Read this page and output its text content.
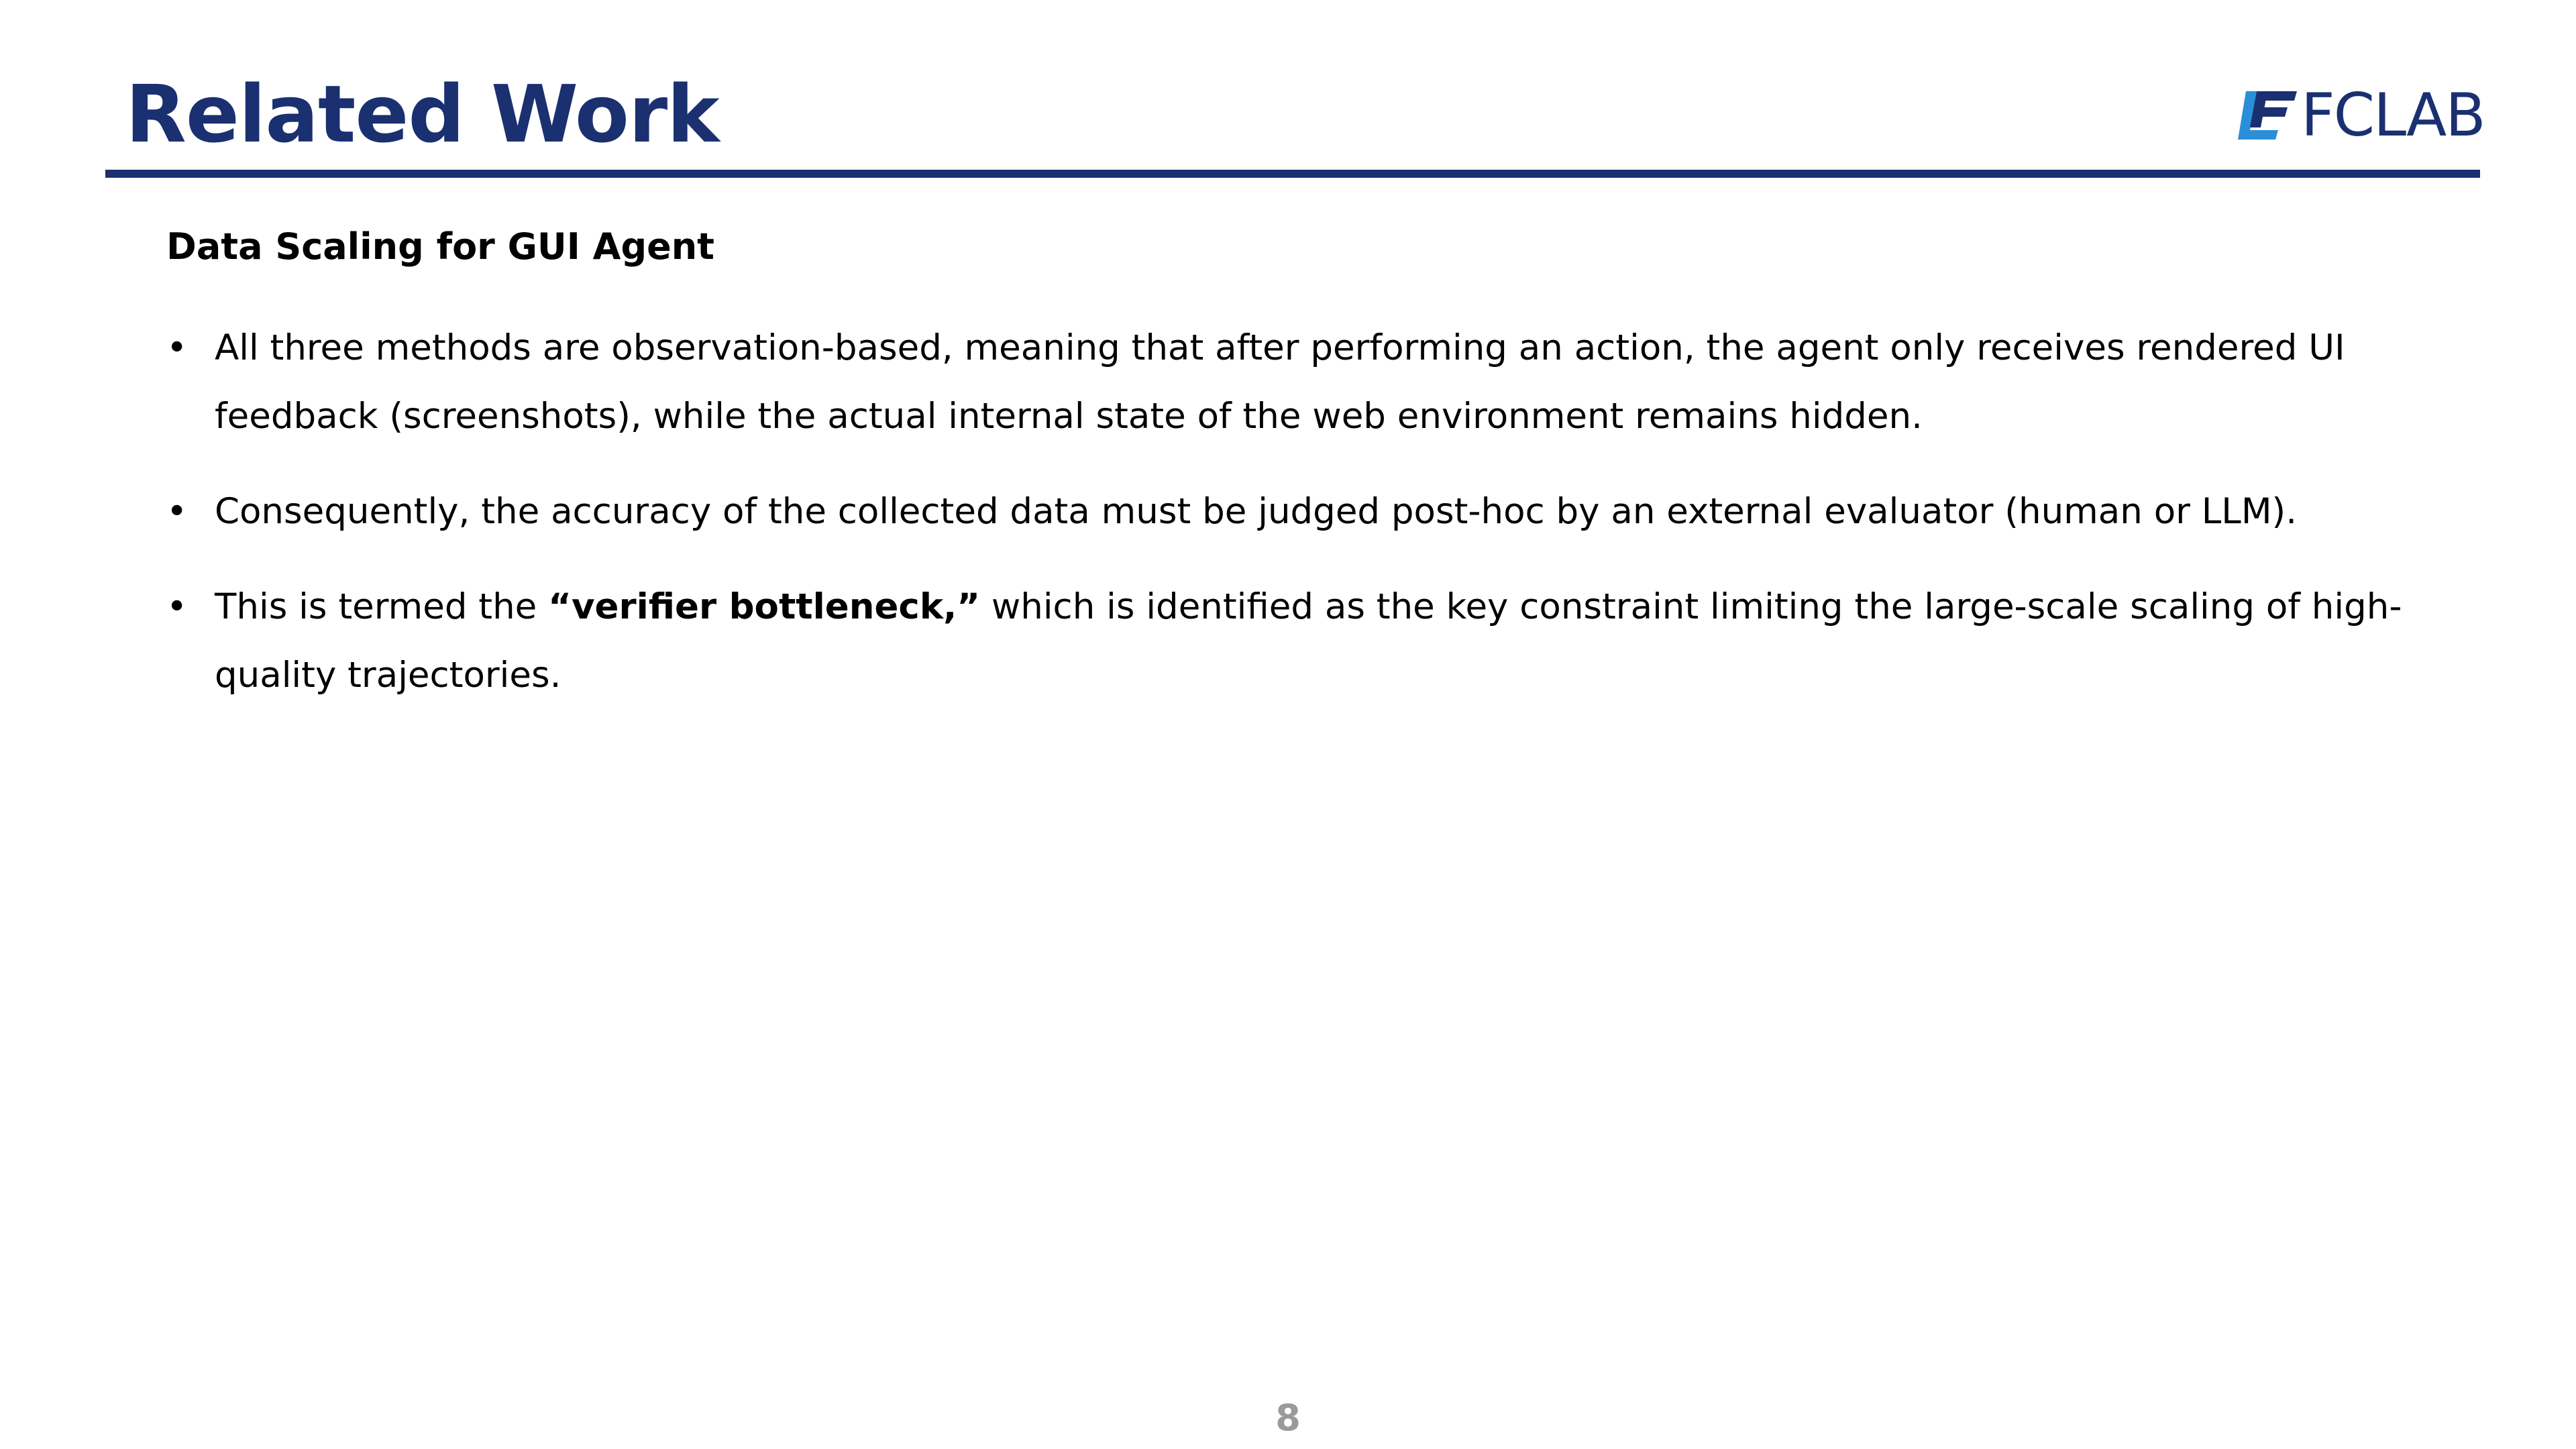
Related Work	FCLAB
Data Scaling for GUI Agent
• All three methods are observation-based, meaning that after performing an action, the agent only receives rendered UI feedback (screenshots), while the actual internal state of the web environment remains hidden.
• Consequently, the accuracy of the collected data must be judged post-hoc by an external evaluator (human or LLM).
• This is termed the “verifier bottleneck,” which is identified as the key constraint limiting the large-scale scaling of high-quality trajectories.
8
